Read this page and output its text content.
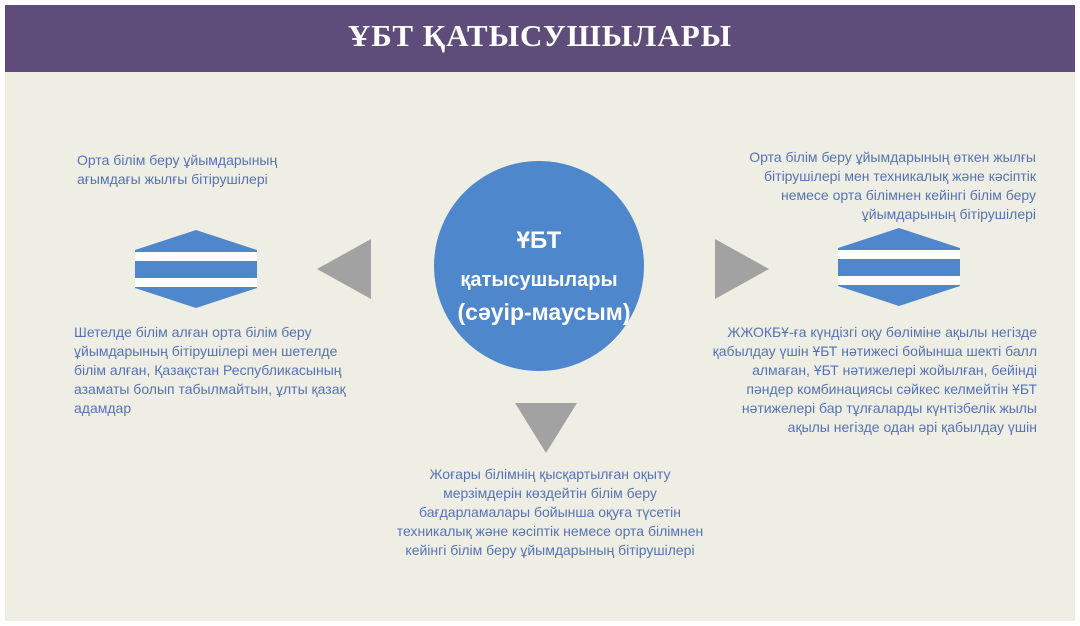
ҰБТ ҚАТЫСУШЫЛАРЫ
Орта білім беру ұйымдарының
ағымдағы жылғы бітірушілері
Шетелде білім алған орта білім беру
ұйымдарының бітірушілері мен шетелде
білім алған, Қазақстан Республикасының
азаматы болып табылмайтын, ұлты қазақ
адамдар
Орта білім беру ұйымдарының өткен жылғы
бітірушілері мен техникалық және кәсіптік
немесе орта білімнен кейінгі білім беру
ұйымдарының бітірушілері
ЖЖОКБҰ-ға күндізгі оқу бөліміне ақылы негізде
қабылдау үшін ҰБТ нәтижесі бойынша шекті балл
алмаған, ҰБТ нәтижелері жойылған, бейінді
пәндер комбинациясы сәйкес келмейтін ҰБТ
нәтижелері бар тұлғаларды күнтізбелік жылы
ақылы негізде одан әрі қабылдау үшін
Жоғары білімнің қысқартылған оқыту
мерзімдерін көздейтін білім беру
бағдарламалары бойынша оқуға түсетін
техникалық және кәсіптік немесе орта білімнен
кейінгі білім беру ұйымдарының бітірушілері
ҰБТ
қатысушылары
(сәуір-маусым)
